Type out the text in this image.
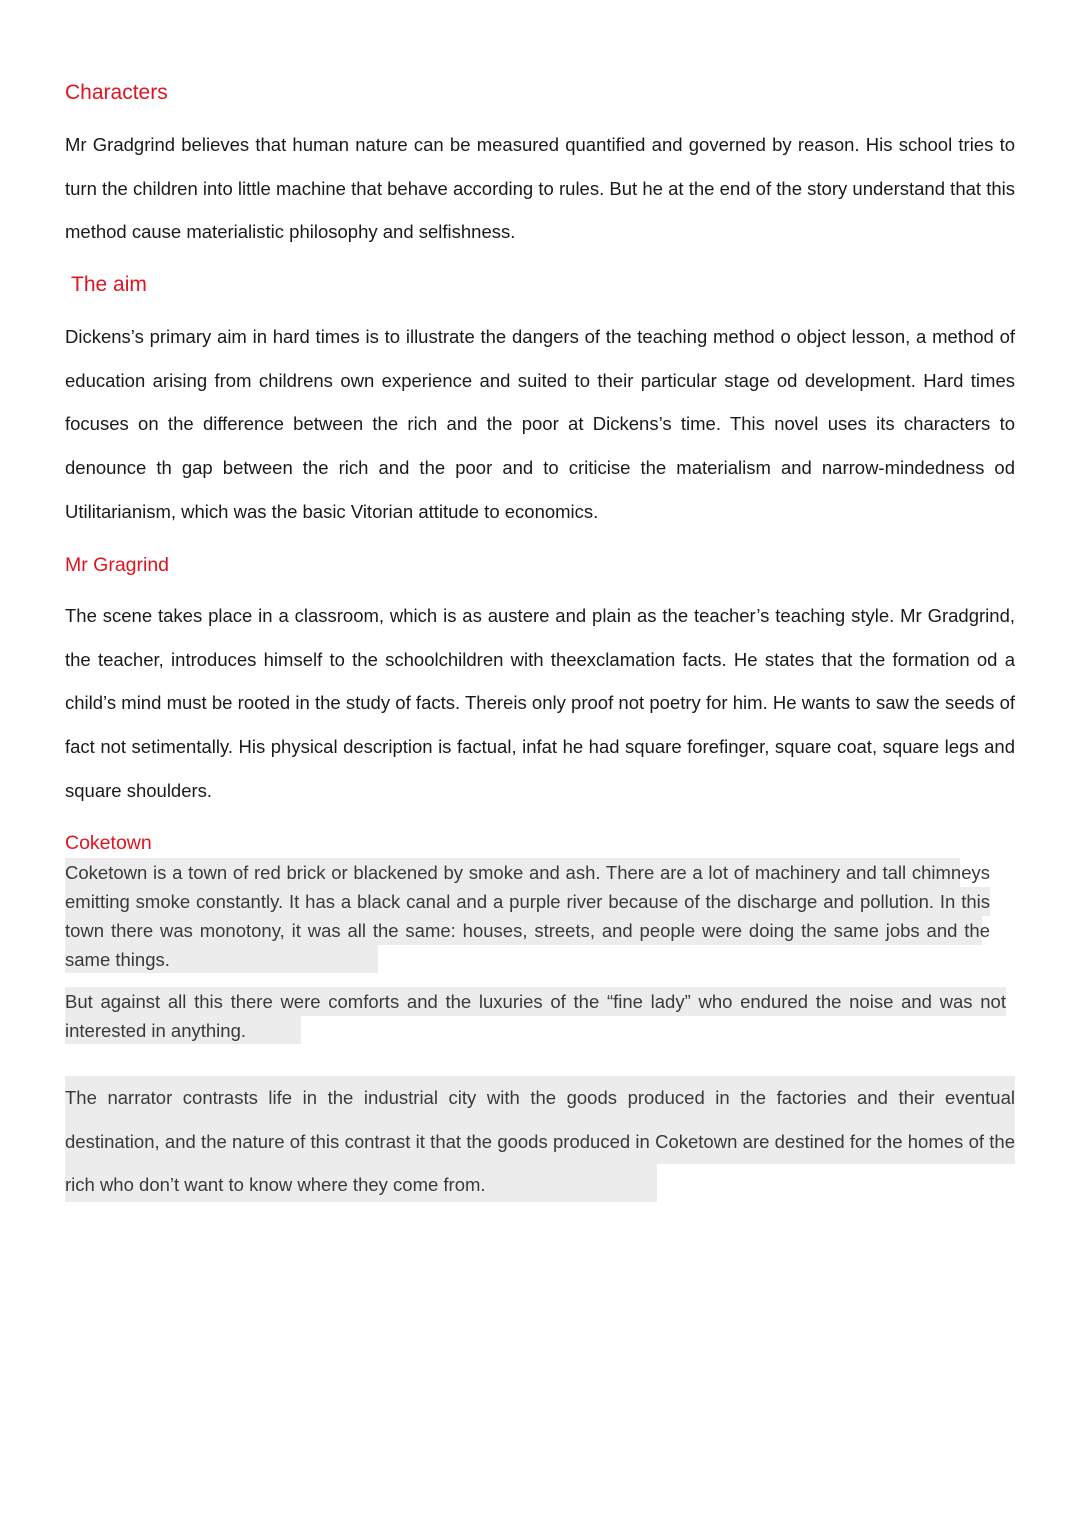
Characters

Mr Gradgrind believes that human nature can be measured quantified and governed by reason. His school tries to turn the children into little machine that behave according to rules. But he at the end of the story understand that this method cause materialistic philosophy and selfishness.

The aim

Dickens’s primary aim in hard times is to illustrate the dangers of the teaching method o object lesson, a method of education arising from childrens own experience and suited to their particular stage od development. Hard times focuses on the difference between the rich and the poor at Dickens’s time. This novel uses its characters to denounce th gap between the rich and the poor and to criticise the materialism and narrow-mindedness od Utilitarianism, which was the basic Vitorian attitude to economics.

Mr Gragrind

The scene takes place in a classroom, which is as austere and plain as the teacher’s teaching style. Mr Gradgrind, the teacher, introduces himself to the schoolchildren with theexclamation facts. He states that the formation od a child’s mind must be rooted in the study of facts. Thereis only proof not poetry for him. He wants to saw the seeds of fact not setimentally. His physical description is factual, infat he had square forefinger, square coat, square legs and square shoulders.

Coketown

Coketown is a town of red brick or blackened by smoke and ash. There are a lot of machinery and tall chimneys emitting smoke constantly. It has a black canal and a purple river because of the discharge and pollution. In this town there was monotony, it was all the same: houses, streets, and people were doing the same jobs and the same things.

But against all this there were comforts and the luxuries of the “fine lady” who endured the noise and was not interested in anything.

The narrator contrasts life in the industrial city with the goods produced in the factories and their eventual destination, and the nature of this contrast it that the goods produced in Coketown are destined for the homes of the rich who don’t want to know where they come from.
